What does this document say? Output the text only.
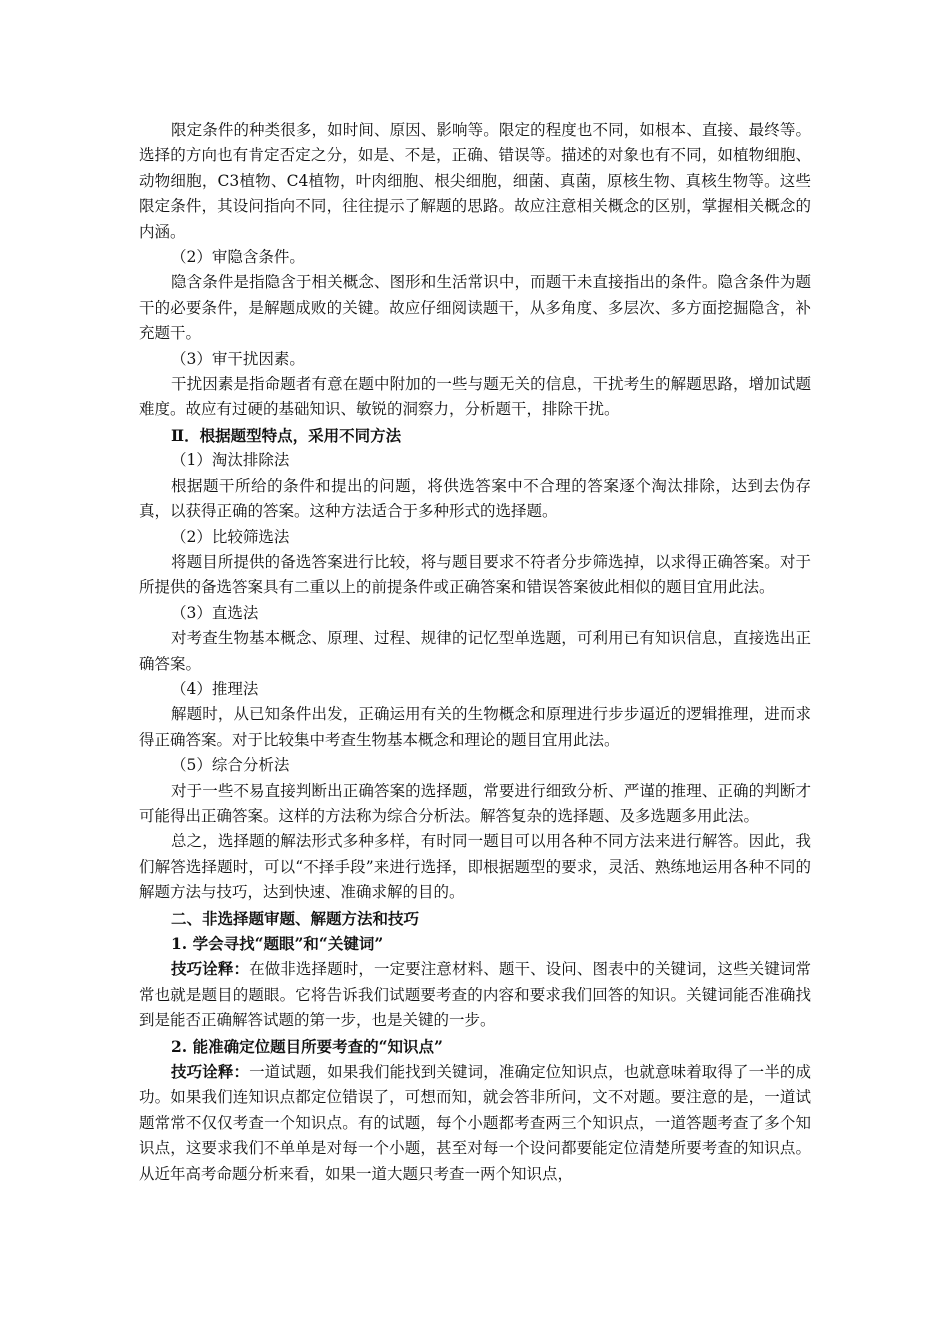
限定条件的种类很多，如时间、原因、影响等。限定的程度也不同，如根本、直接、最终等。选择的方向也有肯定否定之分，如是、不是，正确、错误等。描述的对象也有不同，如植物细胞、动物细胞，C3植物、C4植物，叶肉细胞、根尖细胞，细菌、真菌，原核生物、真核生物等。这些限定条件，其设问指向不同，往往提示了解题的思路。故应注意相关概念的区别，掌握相关概念的内涵。

（2）审隐含条件。

隐含条件是指隐含于相关概念、图形和生活常识中，而题干未直接指出的条件。隐含条件为题干的必要条件，是解题成败的关键。故应仔细阅读题干，从多角度、多层次、多方面挖掘隐含，补充题干。

（3）审干扰因素。

干扰因素是指命题者有意在题中附加的一些与题无关的信息，干扰考生的解题思路，增加试题难度。故应有过硬的基础知识、敏锐的洞察力，分析题干，排除干扰。

Ⅱ．根据题型特点，采用不同方法

（1）淘汰排除法

根据题干所给的条件和提出的问题，将供选答案中不合理的答案逐个淘汰排除，达到去伪存真，以获得正确的答案。这种方法适合于多种形式的选择题。

（2）比较筛选法

将题目所提供的备选答案进行比较，将与题目要求不符者分步筛选掉，以求得正确答案。对于所提供的备选答案具有二重以上的前提条件或正确答案和错误答案彼此相似的题目宜用此法。

（3）直选法

对考查生物基本概念、原理、过程、规律的记忆型单选题，可利用已有知识信息，直接选出正确答案。

（4）推理法

解题时，从已知条件出发，正确运用有关的生物概念和原理进行步步逼近的逻辑推理，进而求得正确答案。对于比较集中考查生物基本概念和理论的题目宜用此法。

（5）综合分析法

对于一些不易直接判断出正确答案的选择题，常要进行细致分析、严谨的推理、正确的判断才可能得出正确答案。这样的方法称为综合分析法。解答复杂的选择题、及多选题多用此法。

总之，选择题的解法形式多种多样，有时同一题目可以用各种不同方法来进行解答。因此，我们解答选择题时，可以“不择手段”来进行选择，即根据题型的要求，灵活、熟练地运用各种不同的解题方法与技巧，达到快速、准确求解的目的。

二、非选择题审题、解题方法和技巧

1. 学会寻找“题眼”和“关键词”

技巧诠释：在做非选择题时，一定要注意材料、题干、设问、图表中的关键词，这些关键词常常也就是题目的题眼。它将告诉我们试题要考查的内容和要求我们回答的知识。关键词能否准确找到是能否正确解答试题的第一步，也是关键的一步。

2. 能准确定位题目所要考查的“知识点”

技巧诠释：一道试题，如果我们能找到关键词，准确定位知识点，也就意味着取得了一半的成功。如果我们连知识点都定位错误了，可想而知，就会答非所问，文不对题。要注意的是，一道试题常常不仅仅考查一个知识点。有的试题，每个小题都考查两三个知识点，一道答题考查了多个知识点，这要求我们不单单是对每一个小题，甚至对每一个设问都要能定位清楚所要考查的知识点。从近年高考命题分析来看，如果一道大题只考查一两个知识点，
